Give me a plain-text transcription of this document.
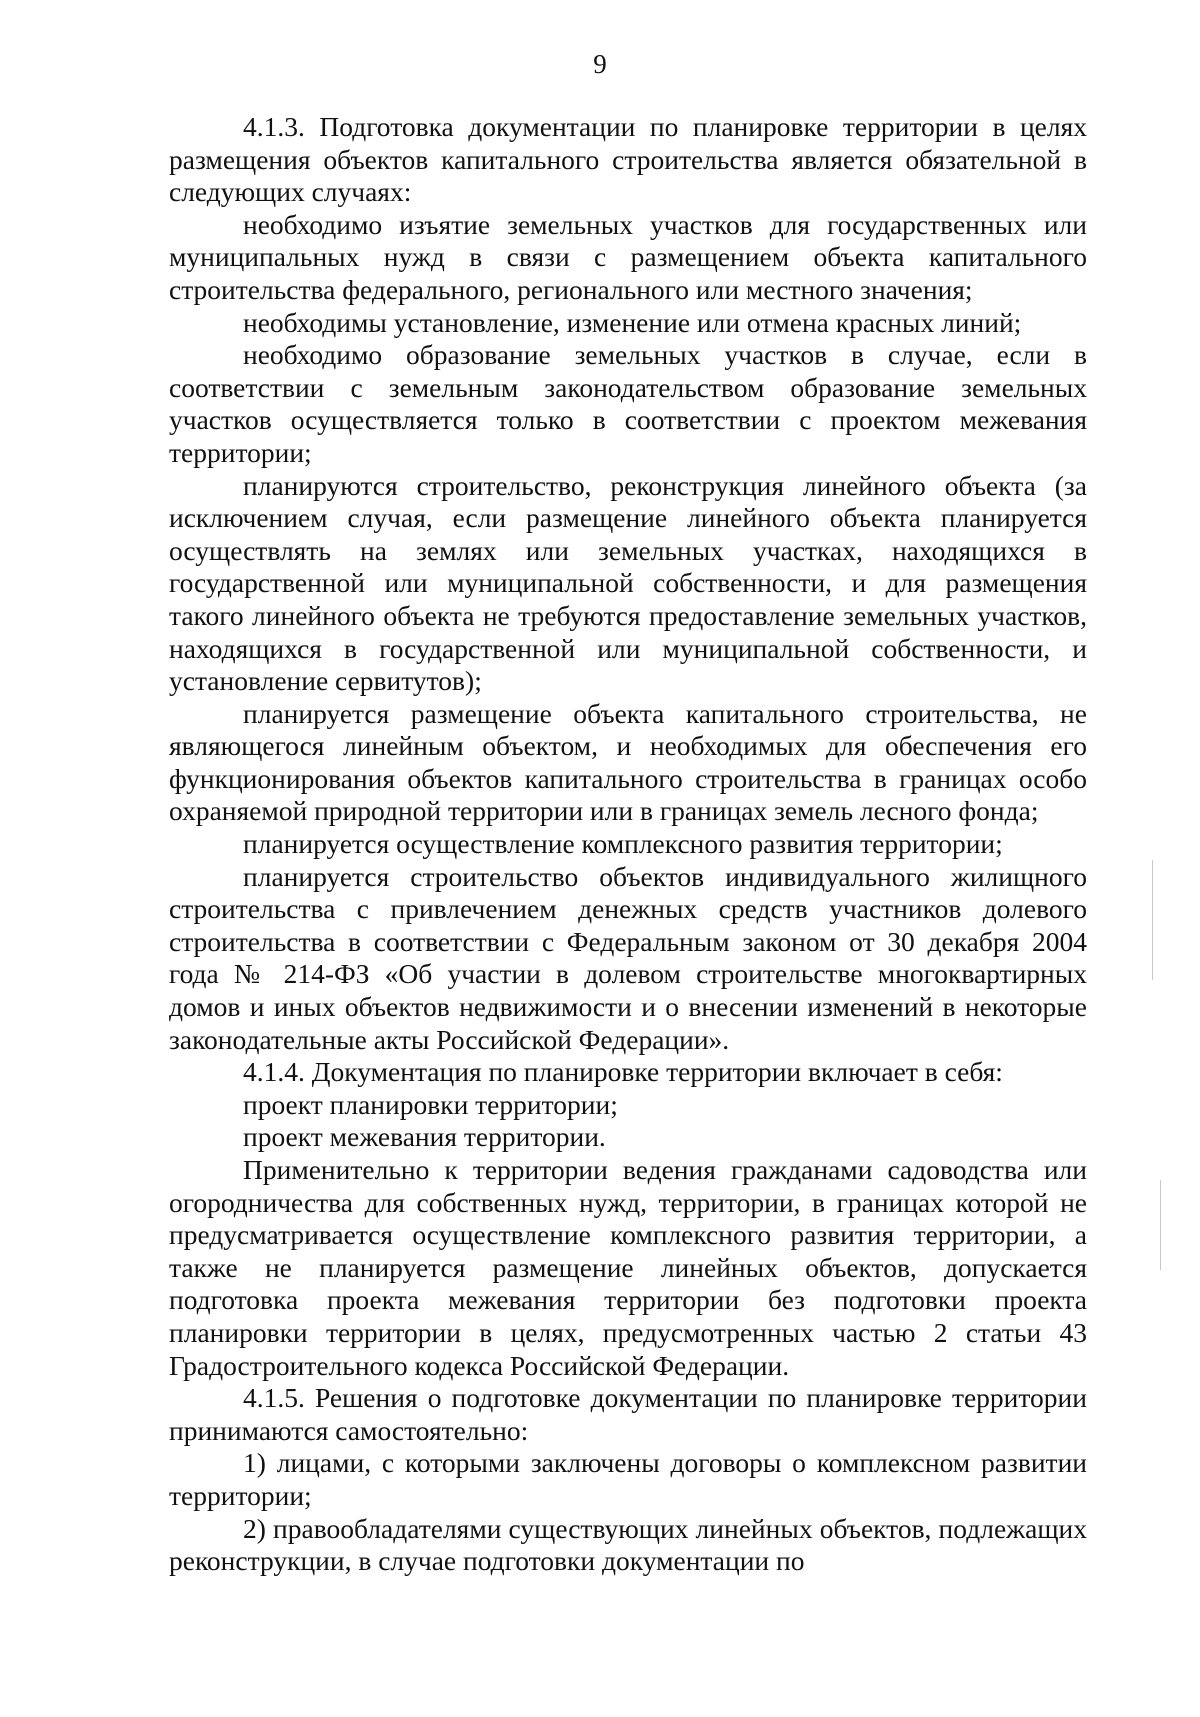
9

4.1.3. Подготовка документации по планировке территории в целях размещения объектов капитального строительства является обязательной в следующих случаях:

необходимо изъятие земельных участков для государственных или муниципальных нужд в связи с размещением объекта капитального строительства федерального, регионального или местного значения;

необходимы установление, изменение или отмена красных линий;

необходимо образование земельных участков в случае, если в соответствии с земельным законодательством образование земельных участков осуществляется только в соответствии с проектом межевания территории;

планируются строительство, реконструкция линейного объекта (за исключением случая, если размещение линейного объекта планируется осуществлять на землях или земельных участках, находящихся в государственной или муниципальной собственности, и для размещения такого линейного объекта не требуются предоставление земельных участков, находящихся в государственной или муниципальной собственности, и установление сервитутов);

планируется размещение объекта капитального строительства, не являющегося линейным объектом, и необходимых для обеспечения его функционирования объектов капитального строительства в границах особо охраняемой природной территории или в границах земель лесного фонда;

планируется осуществление комплексного развития территории;

планируется строительство объектов индивидуального жилищного строительства с привлечением денежных средств участников долевого строительства в соответствии с Федеральным законом от 30 декабря 2004 года № 214-ФЗ «Об участии в долевом строительстве многоквартирных домов и иных объектов недвижимости и о внесении изменений в некоторые законодательные акты Российской Федерации».

4.1.4. Документация по планировке территории включает в себя:

проект планировки территории;

проект межевания территории.

Применительно к территории ведения гражданами садоводства или огородничества для собственных нужд, территории, в границах которой не предусматривается осуществление комплексного развития территории, а также не планируется размещение линейных объектов, допускается подготовка проекта межевания территории без подготовки проекта планировки территории в целях, предусмотренных частью 2 статьи 43 Градостроительного кодекса Российской Федерации.

4.1.5. Решения о подготовке документации по планировке территории принимаются самостоятельно:

1) лицами, с которыми заключены договоры о комплексном развитии территории;

2) правообладателями существующих линейных объектов, подлежащих реконструкции, в случае подготовки документации по
